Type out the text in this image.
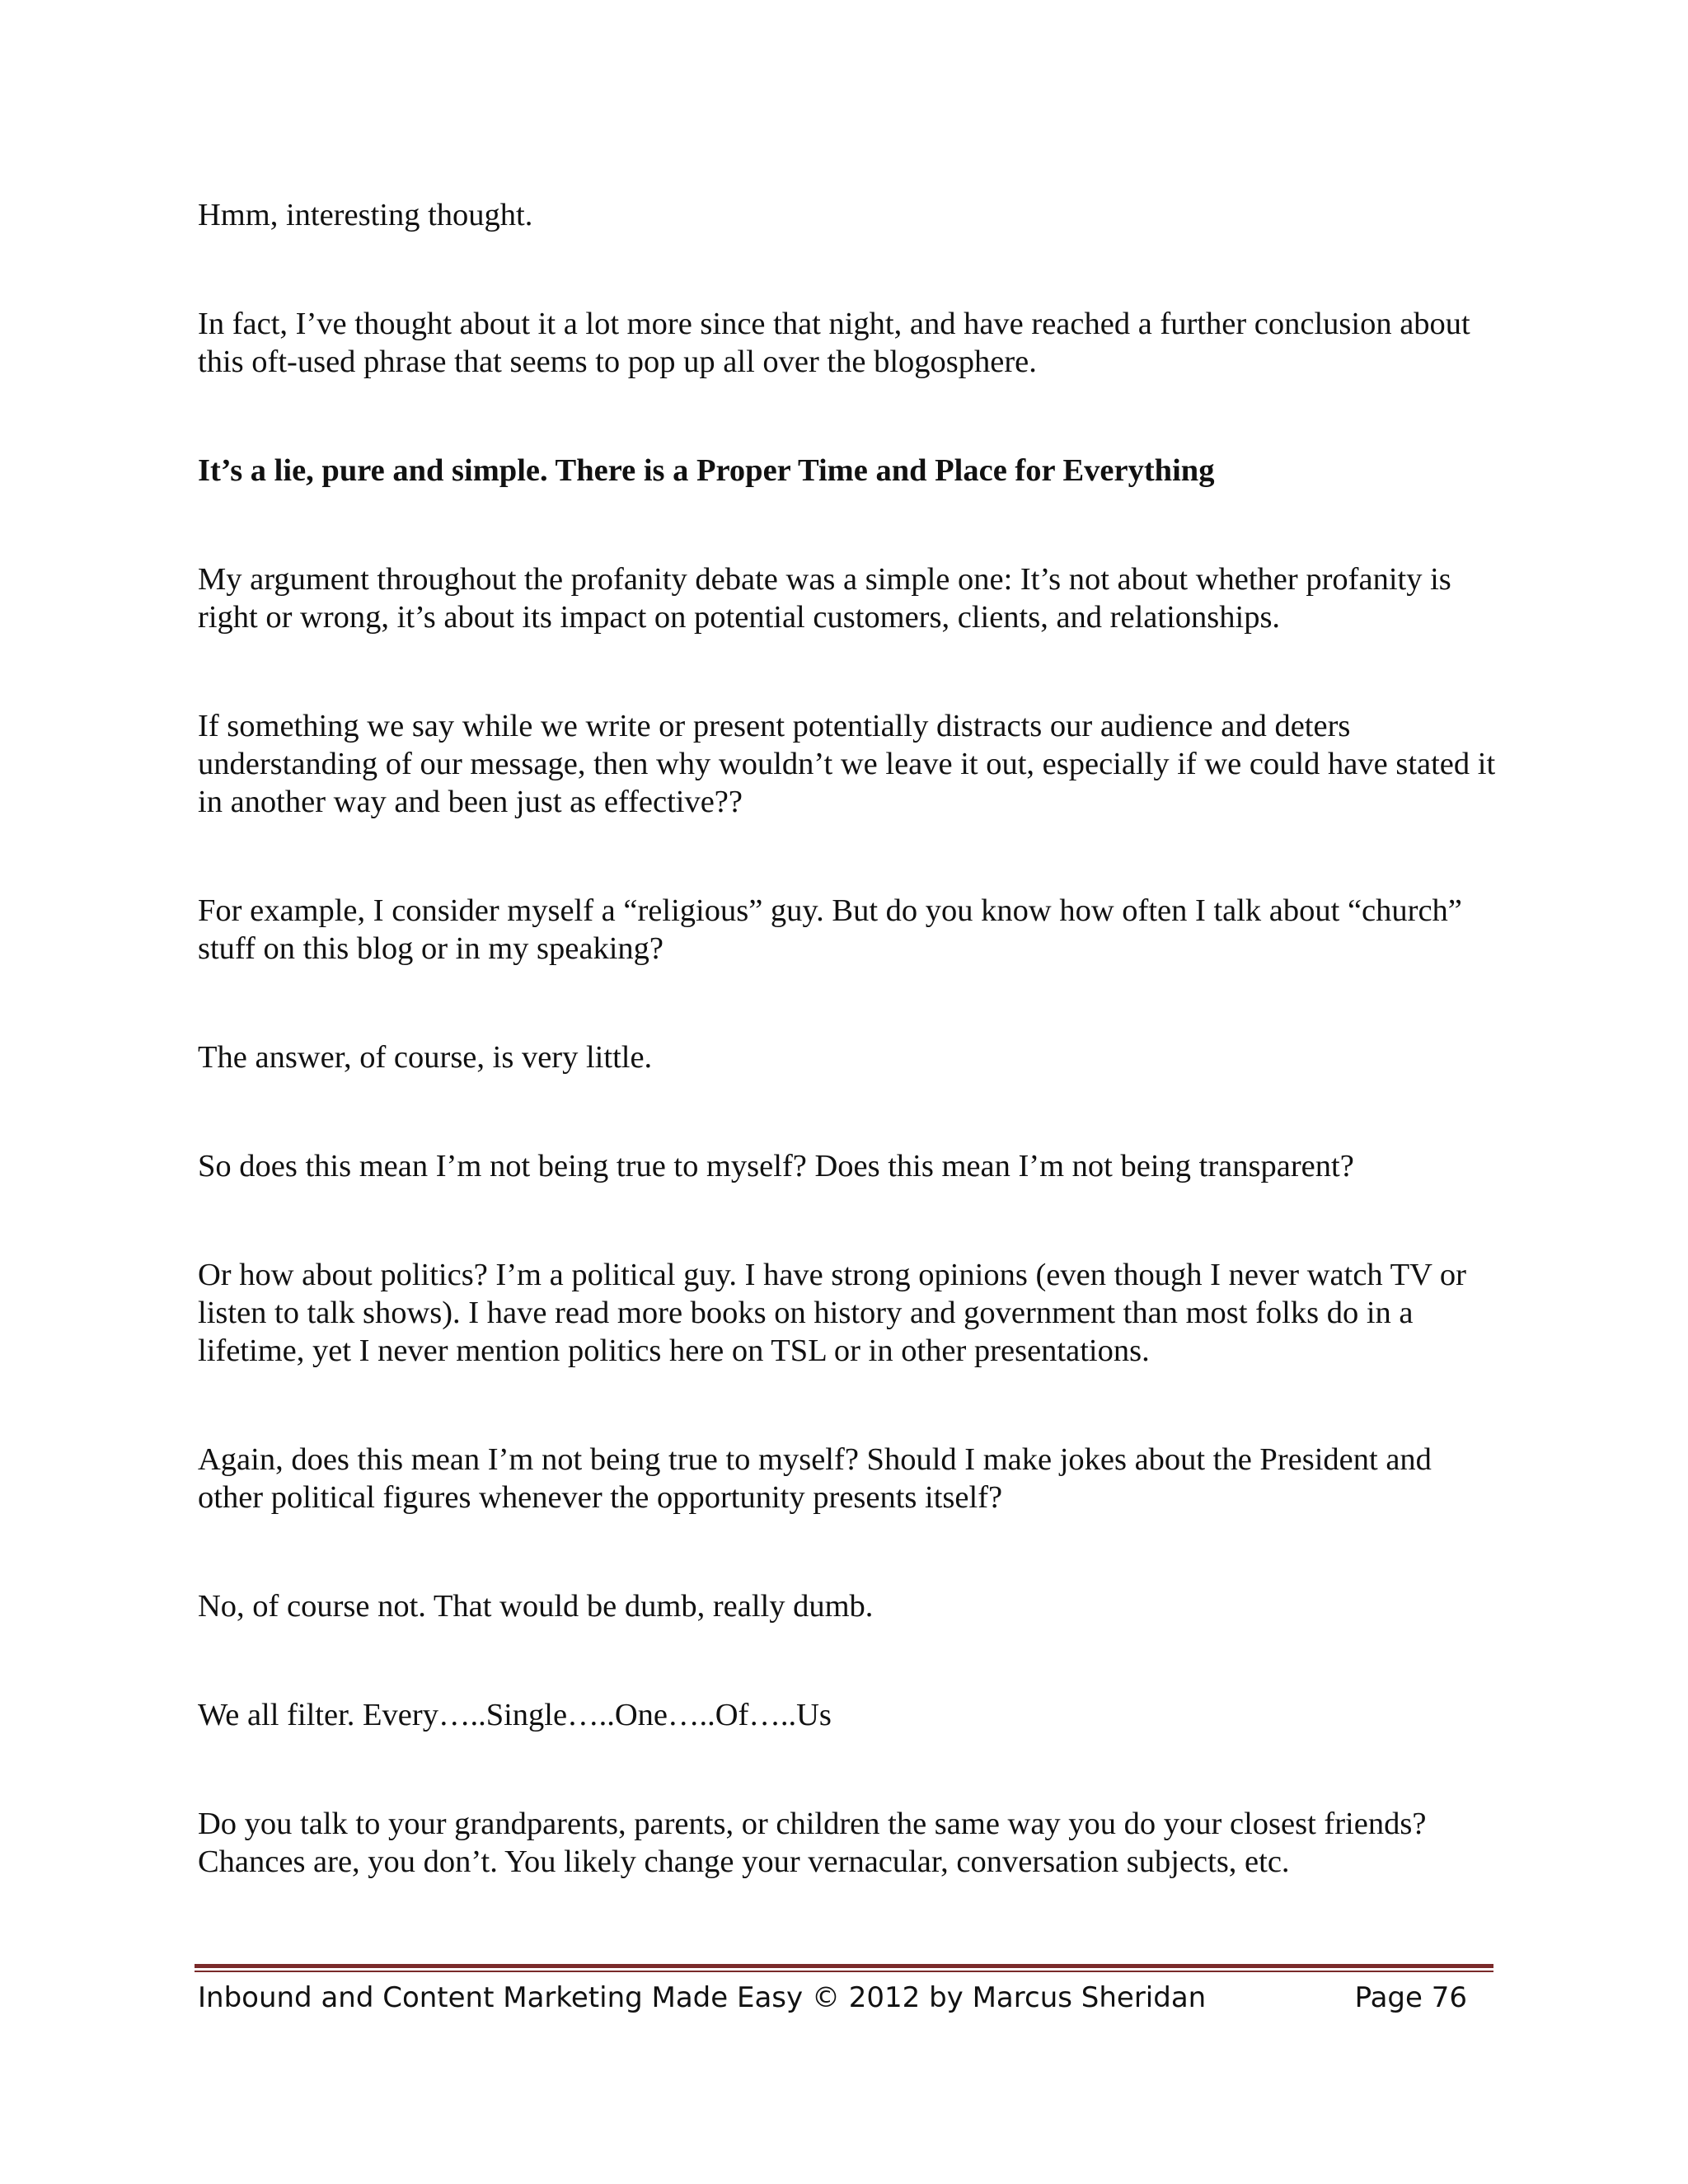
Hmm, interesting thought.

In fact, I’ve thought about it a lot more since that night, and have reached a further conclusion about this oft-used phrase that seems to pop up all over the blogosphere.

It’s a lie, pure and simple. There is a Proper Time and Place for Everything

My argument throughout the profanity debate was a simple one: It’s not about whether profanity is right or wrong, it’s about its impact on potential customers, clients, and relationships.

If something we say while we write or present potentially distracts our audience and deters understanding of our message, then why wouldn’t we leave it out, especially if we could have stated it in another way and been just as effective??

For example, I consider myself a “religious” guy. But do you know how often I talk about “church” stuff on this blog or in my speaking?

The answer, of course, is very little.

So does this mean I’m not being true to myself? Does this mean I’m not being transparent?

Or how about politics? I’m a political guy. I have strong opinions (even though I never watch TV or listen to talk shows). I have read more books on history and government than most folks do in a lifetime, yet I never mention politics here on TSL or in other presentations.

Again, does this mean I’m not being true to myself? Should I make jokes about the President and other political figures whenever the opportunity presents itself?

No, of course not. That would be dumb, really dumb.

We all filter. Every…..Single…..One…..Of…..Us

Do you talk to your grandparents, parents, or children the same way you do your closest friends? Chances are, you don’t. You likely change your vernacular, conversation subjects, etc.

Inbound and Content Marketing Made Easy © 2012 by Marcus Sheridan	Page 76
